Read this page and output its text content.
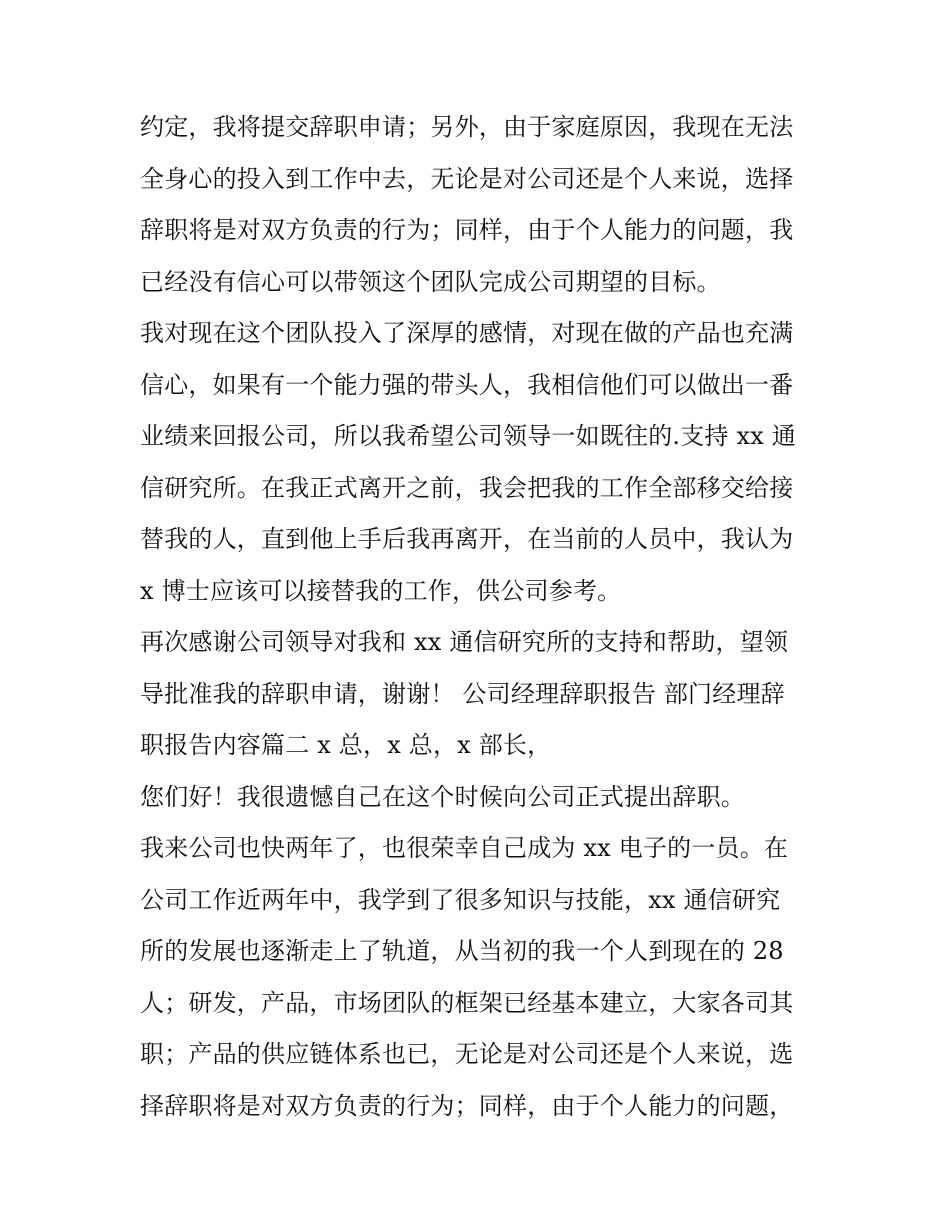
约定，我将提交辞职申请；另外，由于家庭原因，我现在无法
全身心的投入到工作中去，无论是对公司还是个人来说，选择
辞职将是对双方负责的行为；同样，由于个人能力的问题，我
已经没有信心可以带领这个团队完成公司期望的目标。
我对现在这个团队投入了深厚的感情，对现在做的产品也充满
信心，如果有一个能力强的带头人，我相信他们可以做出一番
业绩来回报公司，所以我希望公司领导一如既往的.支持 xx 通
信研究所。在我正式离开之前，我会把我的工作全部移交给接
替我的人，直到他上手后我再离开，在当前的人员中，我认为
x 博士应该可以接替我的工作，供公司参考。
再次感谢公司领导对我和 xx 通信研究所的支持和帮助，望领
导批准我的辞职申请，谢谢！ 公司经理辞职报告 部门经理辞
职报告内容篇二 x 总，x 总，x 部长，
您们好！我很遗憾自己在这个时候向公司正式提出辞职。
我来公司也快两年了，也很荣幸自己成为 xx 电子的一员。在
公司工作近两年中，我学到了很多知识与技能，xx 通信研究
所的发展也逐渐走上了轨道，从当初的我一个人到现在的 28
人；研发，产品，市场团队的框架已经基本建立，大家各司其
职；产品的供应链体系也已，无论是对公司还是个人来说，选
择辞职将是对双方负责的行为；同样，由于个人能力的问题，
